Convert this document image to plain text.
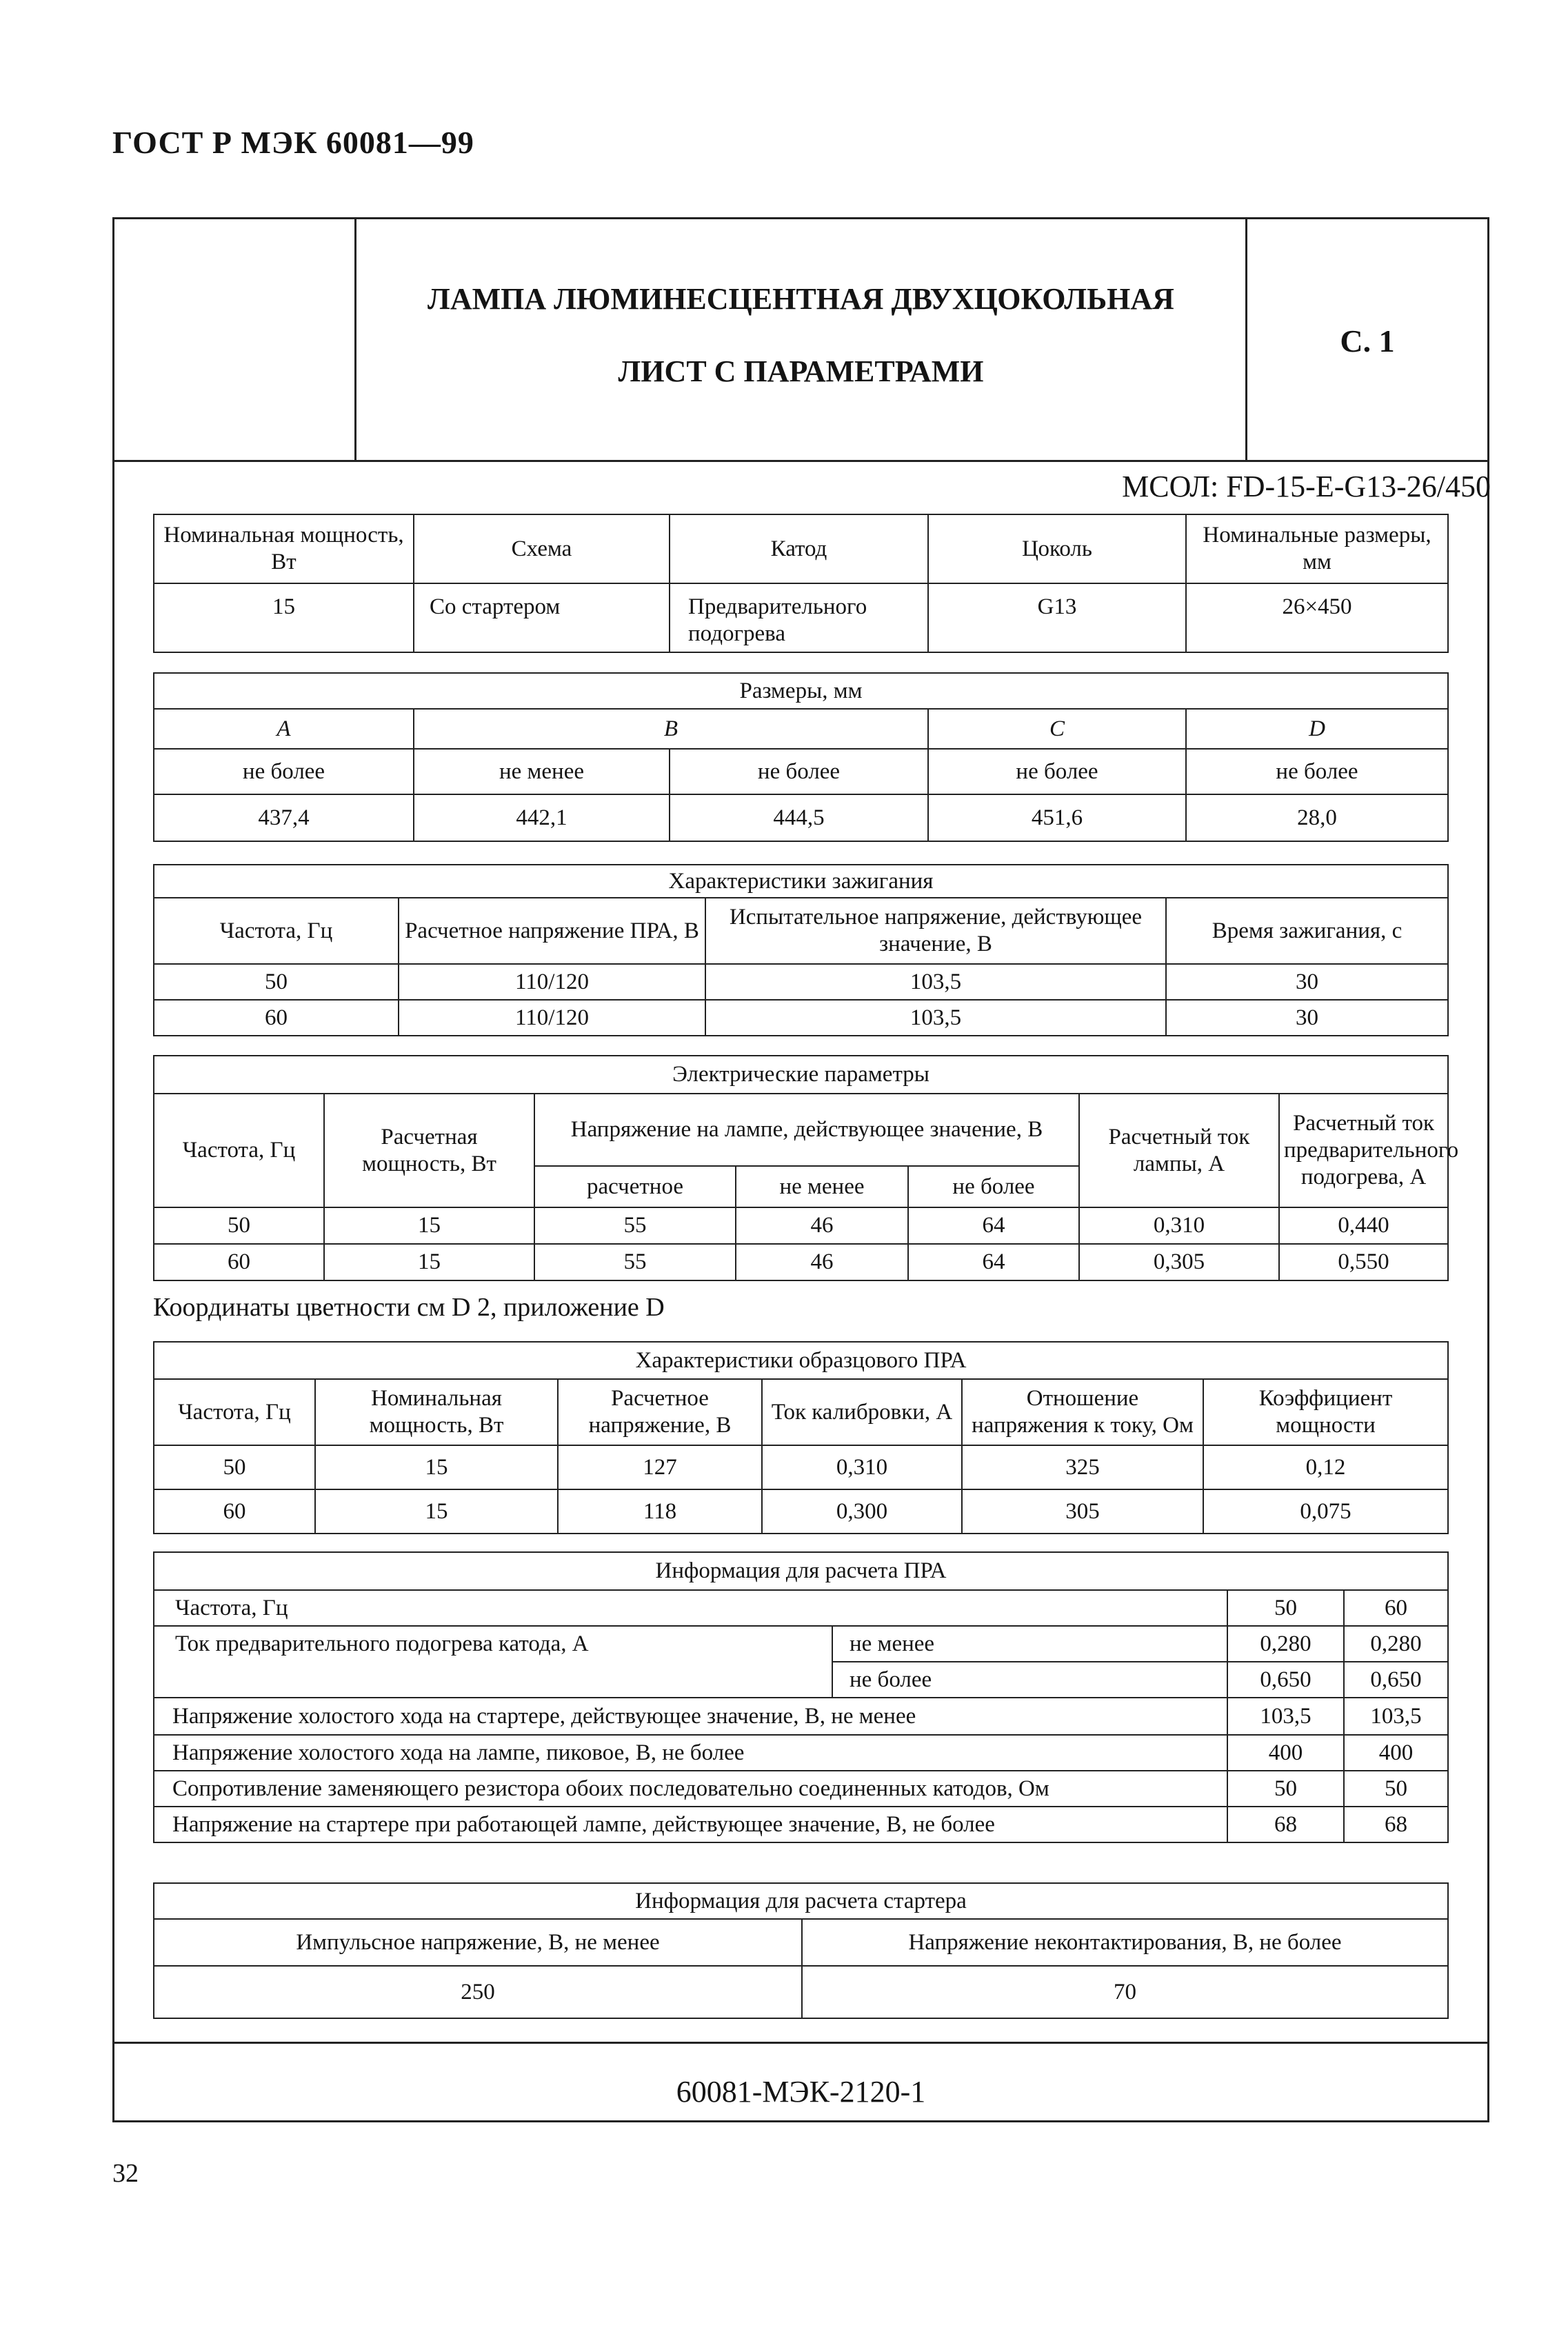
ГОСТ Р МЭК 60081—99
ЛАМПА ЛЮМИНЕСЦЕНТНАЯ ДВУХЦОКОЛЬНАЯ
ЛИСТ С ПАРАМЕТРАМИ
С. 1
60081-МЭК-2120-1
МСОЛ: FD-15-E-G13-26/450
Номинальная мощность, Вт	Схема	Катод	Цоколь	Номинальные размеры, мм
15	Со стартером	Предварительного подогрева	G13	26×450
Размеры, мм				
A	B		C	D
не более	не менее	не более	не более	не более
437,4	442,1	444,5	451,6	28,0
Характеристики зажигания			
Частота, Гц	Расчетное напряжение ПРА, В	Испытательное напряжение, действующее значение, В	Время зажигания, с
50	110/120	103,5	30
60	110/120	103,5	30
Электрические параметры						
Частота, Гц	Расчетная мощность, Вт	Напряжение на лампе, действующее значение, В			Расчетный ток лампы, А	Расчетный ток предварительного подогрева, А
		расчетное	не менее	не более		
50	15	55	46	64	0,310	0,440
60	15	55	46	64	0,305	0,550
Координаты цветности см D 2, приложение D
Характеристики образцового ПРА					
Частота, Гц	Номинальная мощность, Вт	Расчетное напряжение, В	Ток калибровки, А	Отношение напряжения к току, Ом	Коэффициент мощности
50	15	127	0,310	325	0,12
60	15	118	0,300	305	0,075
Информация для расчета ПРА			
Частота, Гц		50	60
Ток предварительного подогрева катода, А	не менее	0,280	0,280
	не более	0,650	0,650
Напряжение холостого хода на стартере, действующее значение, В, не менее		103,5	103,5
Напряжение холостого хода на лампе, пиковое, В, не более		400	400
Сопротивление заменяющего резистора обоих последовательно соединенных катодов, Ом		50	50
Напряжение на стартере при работающей лампе, действующее значение, В, не более		68	68
Информация для расчета стартера	
Импульсное напряжение, В, не менее	Напряжение неконтактирования, В, не более
250	70
32
